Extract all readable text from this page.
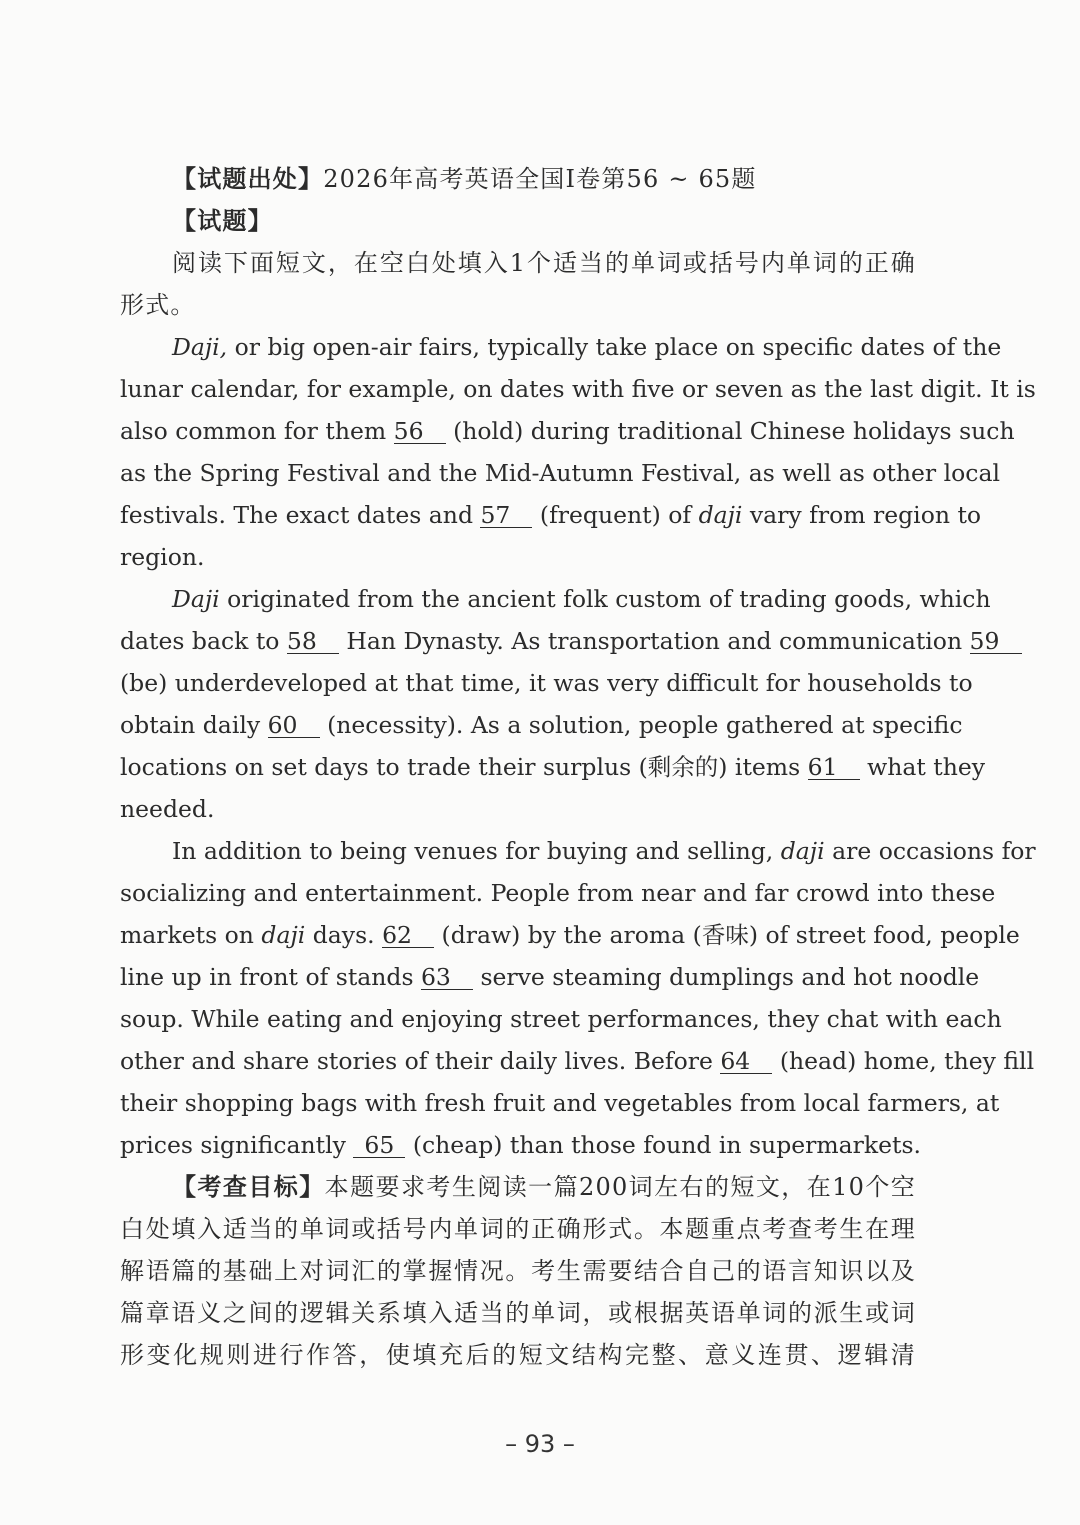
【试题出处】2026年高考英语全国Ⅰ卷第56 ~ 65题
【试题】
阅读下面短文，在空白处填入1个适当的单词或括号内单词的正确
形式。
Daji, or big open-air fairs, typically take place on specific dates of the
lunar calendar, for example, on dates with five or seven as the last digit. It is
also common for them 56 (hold) during traditional Chinese holidays such
as the Spring Festival and the Mid-Autumn Festival, as well as other local
festivals. The exact dates and 57 (frequent) of daji vary from region to
region.
Daji originated from the ancient folk custom of trading goods, which
dates back to 58 Han Dynasty. As transportation and communication 59
(be) underdeveloped at that time, it was very difficult for households to
obtain daily 60 (necessity). As a solution, people gathered at specific
locations on set days to trade their surplus (剩余的) items 61 what they
needed.
In addition to being venues for buying and selling, daji are occasions for
socializing and entertainment. People from near and far crowd into these
markets on daji days. 62 (draw) by the aroma (香味) of street food, people
line up in front of stands 63 serve steaming dumplings and hot noodle
soup. While eating and enjoying street performances, they chat with each
other and share stories of their daily lives. Before 64 (head) home, they fill
their shopping bags with fresh fruit and vegetables from local farmers, at
prices significantly 65 (cheap) than those found in supermarkets.
【考查目标】本题要求考生阅读一篇200词左右的短文，在10个空
白处填入适当的单词或括号内单词的正确形式。本题重点考查考生在理
解语篇的基础上对词汇的掌握情况。考生需要结合自己的语言知识以及
篇章语义之间的逻辑关系填入适当的单词，或根据英语单词的派生或词
形变化规则进行作答，使填充后的短文结构完整、意义连贯、逻辑清
– 93 –
